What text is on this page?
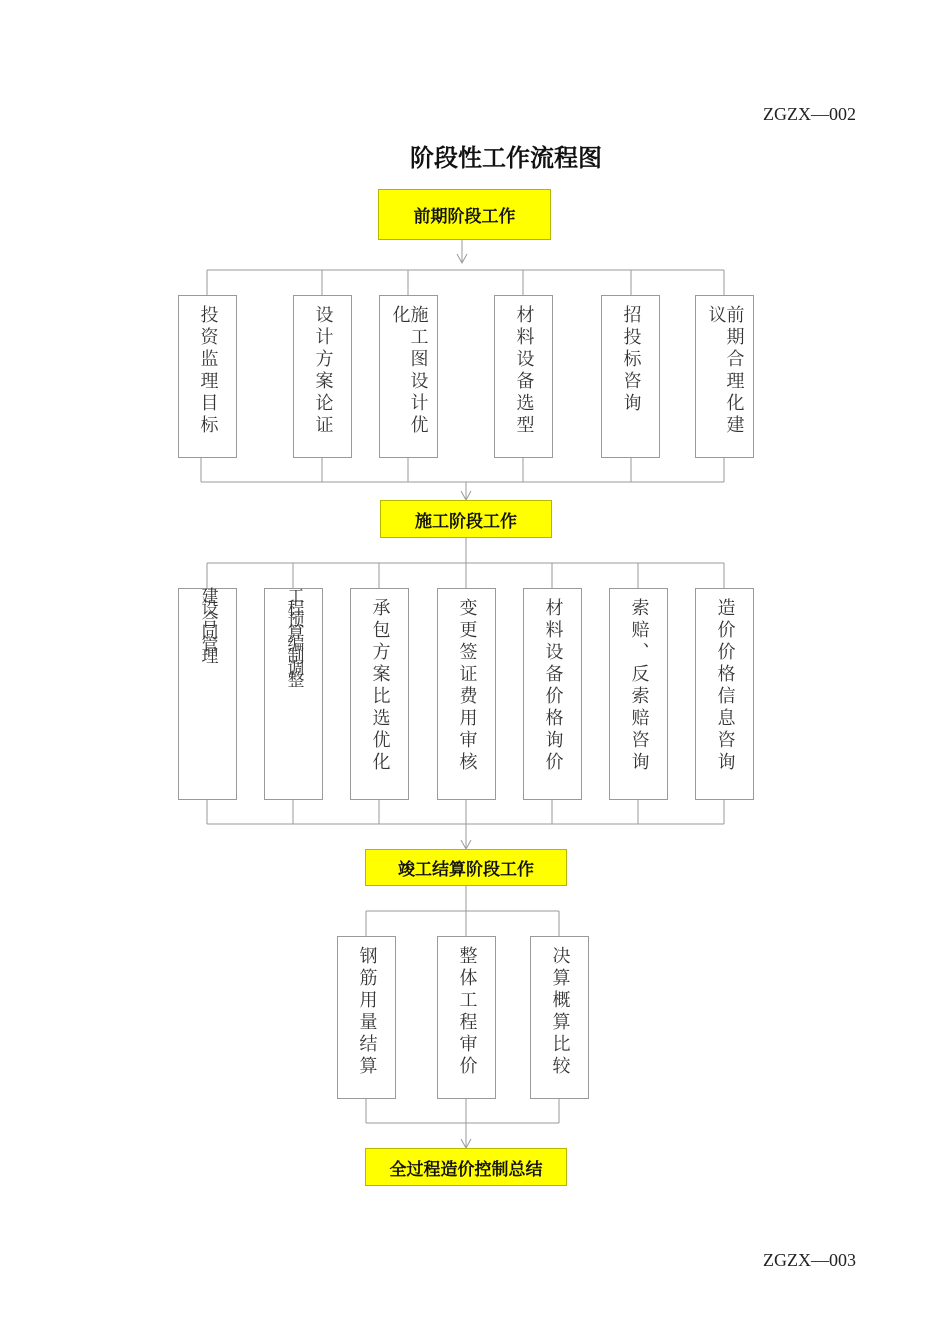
ZGZX—002
阶段性工作流程图
前期阶段工作
施工阶段工作
竣工结算阶段工作
全过程造价控制总结
投资监理目标	设计方案论证	施工图设计优化	材料设备选型	招投标咨询	前期合理化建议
建设合同管理	工程预算编制调整	承包方案比选优化	变更签证费用审核	材料设备价格询价	索赔、反索赔咨询	造价价格信息咨询
钢筋用量结算	整体工程审价	决算概算比较
ZGZX—003
